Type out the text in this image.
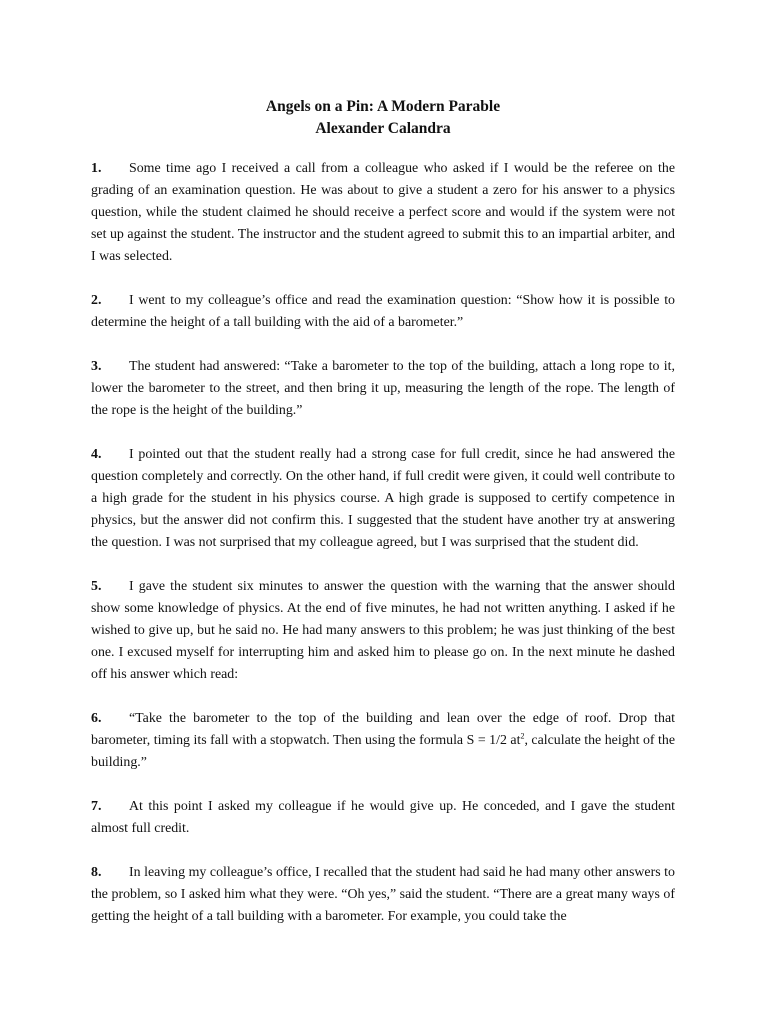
Angels on a Pin: A Modern Parable
Alexander Calandra

1. Some time ago I received a call from a colleague who asked if I would be the referee on the grading of an examination question. He was about to give a student a zero for his answer to a physics question, while the student claimed he should receive a perfect score and would if the system were not set up against the student. The instructor and the student agreed to submit this to an impartial arbiter, and I was selected.

2. I went to my colleague’s office and read the examination question: “Show how it is possible to determine the height of a tall building with the aid of a barometer.”

3. The student had answered: “Take a barometer to the top of the building, attach a long rope to it, lower the barometer to the street, and then bring it up, measuring the length of the rope. The length of the rope is the height of the building.”

4. I pointed out that the student really had a strong case for full credit, since he had answered the question completely and correctly. On the other hand, if full credit were given, it could well contribute to a high grade for the student in his physics course. A high grade is supposed to certify competence in physics, but the answer did not confirm this. I suggested that the student have another try at answering the question. I was not surprised that my colleague agreed, but I was surprised that the student did.

5. I gave the student six minutes to answer the question with the warning that the answer should show some knowledge of physics. At the end of five minutes, he had not written anything. I asked if he wished to give up, but he said no. He had many answers to this problem; he was just thinking of the best one. I excused myself for interrupting him and asked him to please go on. In the next minute he dashed off his answer which read:

6. “Take the barometer to the top of the building and lean over the edge of roof. Drop that barometer, timing its fall with a stopwatch. Then using the formula S = 1/2 $at^2$, calculate the height of the building.”

7. At this point I asked my colleague if he would give up. He conceded, and I gave the student almost full credit.

8. In leaving my colleague’s office, I recalled that the student had said he had many other answers to the problem, so I asked him what they were. “Oh yes,” said the student. “There are a great many ways of getting the height of a tall building with a barometer. For example, you could take the
